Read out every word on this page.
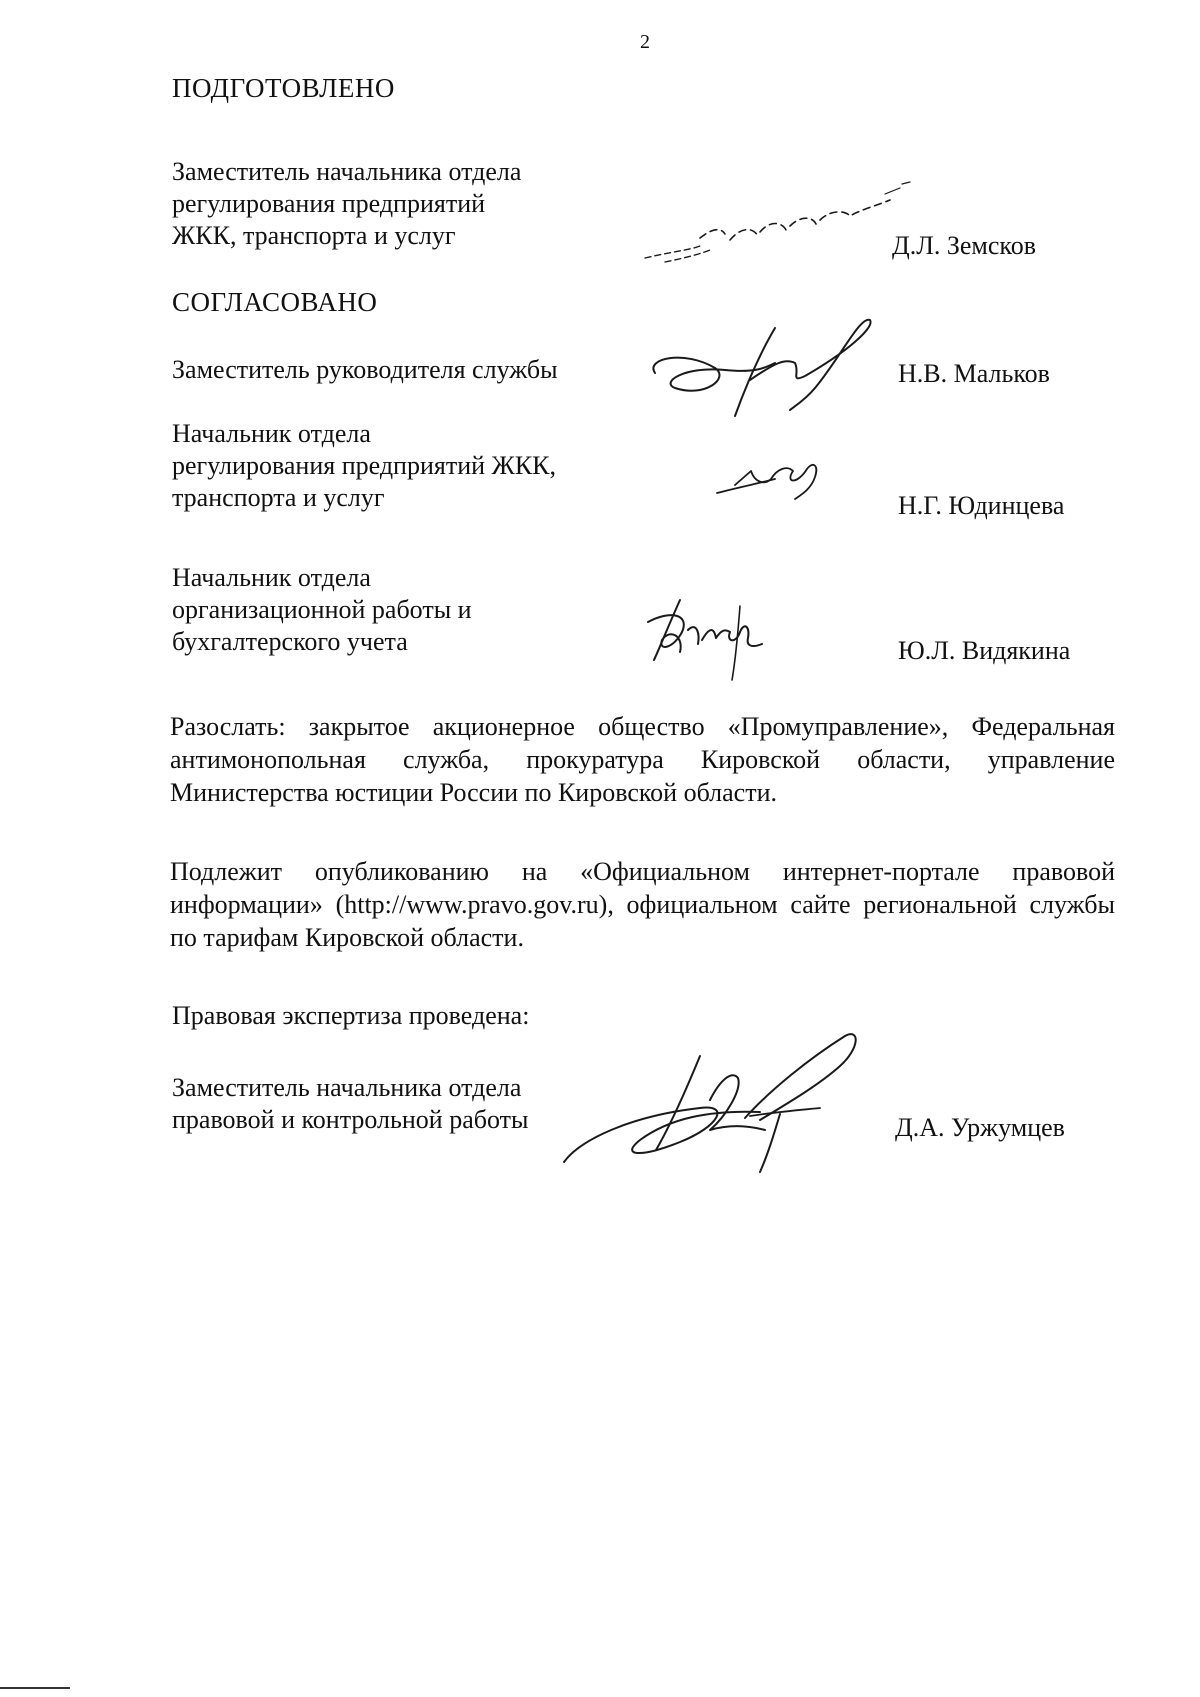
2
ПОДГОТОВЛЕНО
Заместитель начальника отдела
регулирования предприятий
ЖКК, транспорта и услуг	Д.Л. Земсков
СОГЛАСОВАНО
Заместитель руководителя службы	Н.В. Мальков
Начальник отдела
регулирования предприятий ЖКК,
транспорта и услуг	Н.Г. Юдинцева
Начальник отдела
организационной работы и
бухгалтерского учета	Ю.Л. Видякина
Разослать: закрытое акционерное общество «Промуправление», Федеральная антимонопольная служба, прокуратура Кировской области, управление Министерства юстиции России по Кировской области.
Подлежит опубликованию на «Официальном интернет-портале правовой информации» (http://www.pravo.gov.ru), официальном сайте региональной службы по тарифам Кировской области.
Правовая экспертиза проведена:
Заместитель начальника отдела
правовой и контрольной работы	Д.А. Уржумцев
